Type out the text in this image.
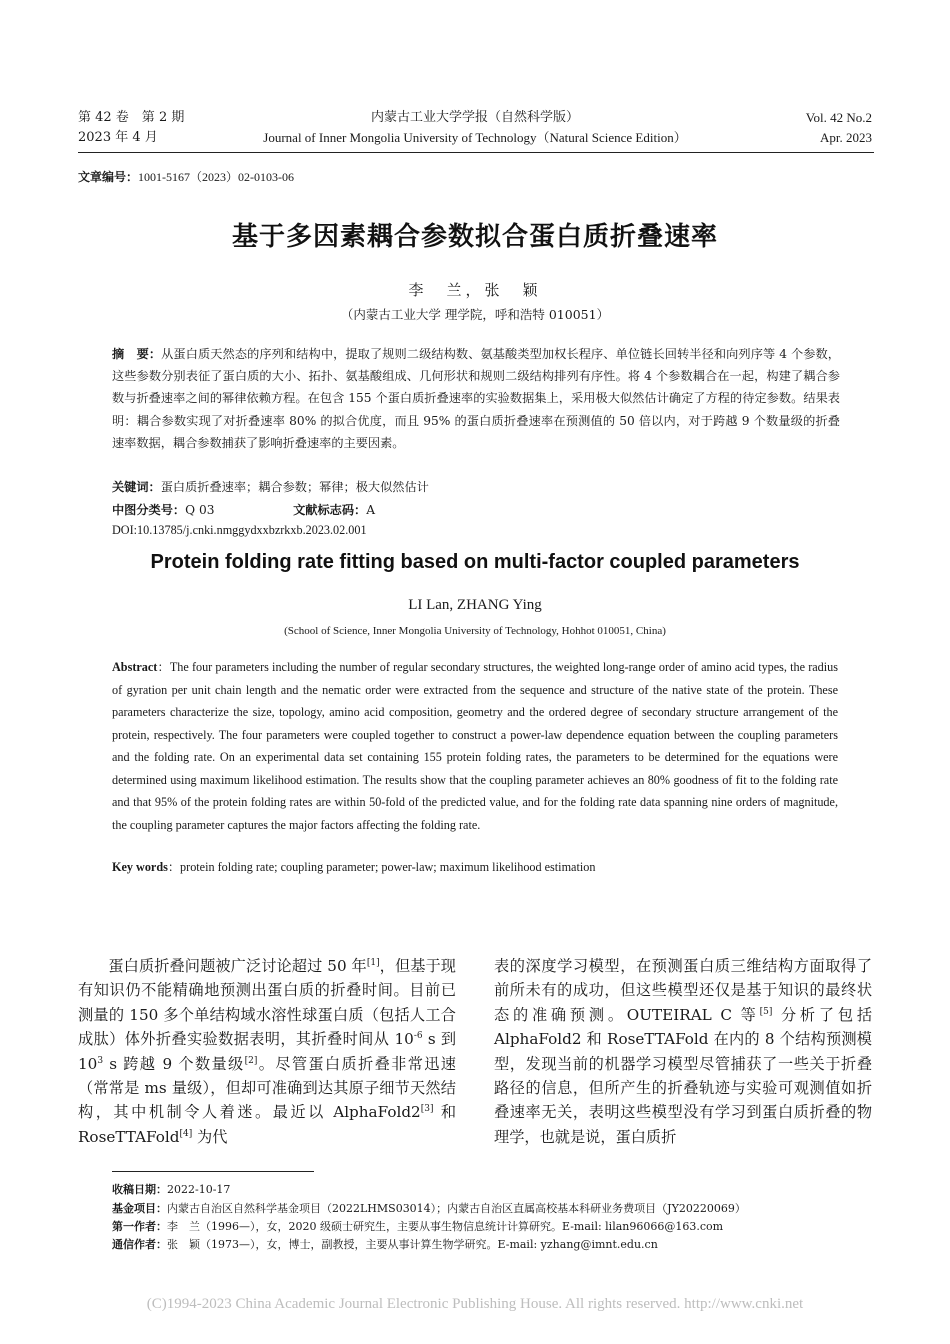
第 42 卷　第 2 期
2023 年 4 月
内蒙古工业大学学报（自然科学版）
Journal of Inner Mongolia University of Technology（Natural Science Edition）
Vol. 42 No.2
Apr. 2023
文章编号：1001-5167（2023）02-0103-06
基于多因素耦合参数拟合蛋白质折叠速率
李　兰，张　颖
（内蒙古工业大学 理学院，呼和浩特 010051）
摘　要：从蛋白质天然态的序列和结构中，提取了规则二级结构数、氨基酸类型加权长程序、单位链长回转半径和向列序等 4 个参数，这些参数分别表征了蛋白质的大小、拓扑、氨基酸组成、几何形状和规则二级结构排列有序性。将 4 个参数耦合在一起，构建了耦合参数与折叠速率之间的幂律依赖方程。在包含 155 个蛋白质折叠速率的实验数据集上，采用极大似然估计确定了方程的待定参数。结果表明：耦合参数实现了对折叠速率 80% 的拟合优度，而且 95% 的蛋白质折叠速率在预测值的 50 倍以内，对于跨越 9 个数量级的折叠速率数据，耦合参数捕获了影响折叠速率的主要因素。
关键词：蛋白质折叠速率；耦合参数；幂律；极大似然估计
中图分类号：Q 03	文献标志码：A
DOI:10.13785/j.cnki.nmggydxxbzrkxb.2023.02.001
Protein folding rate fitting based on multi-factor coupled parameters
LI Lan, ZHANG Ying
(School of Science, Inner Mongolia University of Technology, Hohhot 010051, China)
Abstract：The four parameters including the number of regular secondary structures, the weighted long-range order of amino acid types, the radius of gyration per unit chain length and the nematic order were extracted from the sequence and structure of the native state of the protein. These parameters characterize the size, topology, amino acid composition, geometry and the ordered degree of secondary structure arrangement of the protein, respectively. The four parameters were coupled together to construct a power-law dependence equation between the coupling parameters and the folding rate. On an experimental data set containing 155 protein folding rates, the parameters to be determined for the equations were determined using maximum likelihood estimation. The results show that the coupling parameter achieves an 80% goodness of fit to the folding rate and that 95% of the protein folding rates are within 50-fold of the predicted value, and for the folding rate data spanning nine orders of magnitude, the coupling parameter captures the major factors affecting the folding rate.
Key words：protein folding rate; coupling parameter; power-law; maximum likelihood estimation
蛋白质折叠问题被广泛讨论超过 50 年[1]，但基于现有知识仍不能精确地预测出蛋白质的折叠时间。目前已测量的 150 多个单结构域水溶性球蛋白质（包括人工合成肽）体外折叠实验数据表明，其折叠时间从 $10^{-6}$ s 到 $10^3$ s 跨越 9 个数量级[2]。尽管蛋白质折叠非常迅速（常常是 ms 量级），但却可准确到达其原子细节天然结构，其中机制令人着迷。最近以 AlphaFold2[3] 和 RoseTTAFold[4] 为代
表的深度学习模型，在预测蛋白质三维结构方面取得了前所未有的成功，但这些模型还仅是基于知识的最终状态的准确预测。OUTEIRAL C 等[5] 分析了包括 AlphaFold2 和 RoseTTAFold 在内的 8 个结构预测模型，发现当前的机器学习模型尽管捕获了一些关于折叠路径的信息，但所产生的折叠轨迹与实验可观测值如折叠速率无关，表明这些模型没有学习到蛋白质折叠的物理学，也就是说，蛋白质折
收稿日期：2022-10-17
基金项目：内蒙古自治区自然科学基金项目（2022LHMS03014）；内蒙古自治区直属高校基本科研业务费项目（JY20220069）
第一作者：李　兰（1996—），女，2020 级硕士研究生，主要从事生物信息统计计算研究。E-mail: lilan96066@163.com
通信作者：张　颖（1973—），女，博士，副教授，主要从事计算生物学研究。E-mail: yzhang@imnt.edu.cn
(C)1994-2023 China Academic Journal Electronic Publishing House. All rights reserved. http://www.cnki.net
